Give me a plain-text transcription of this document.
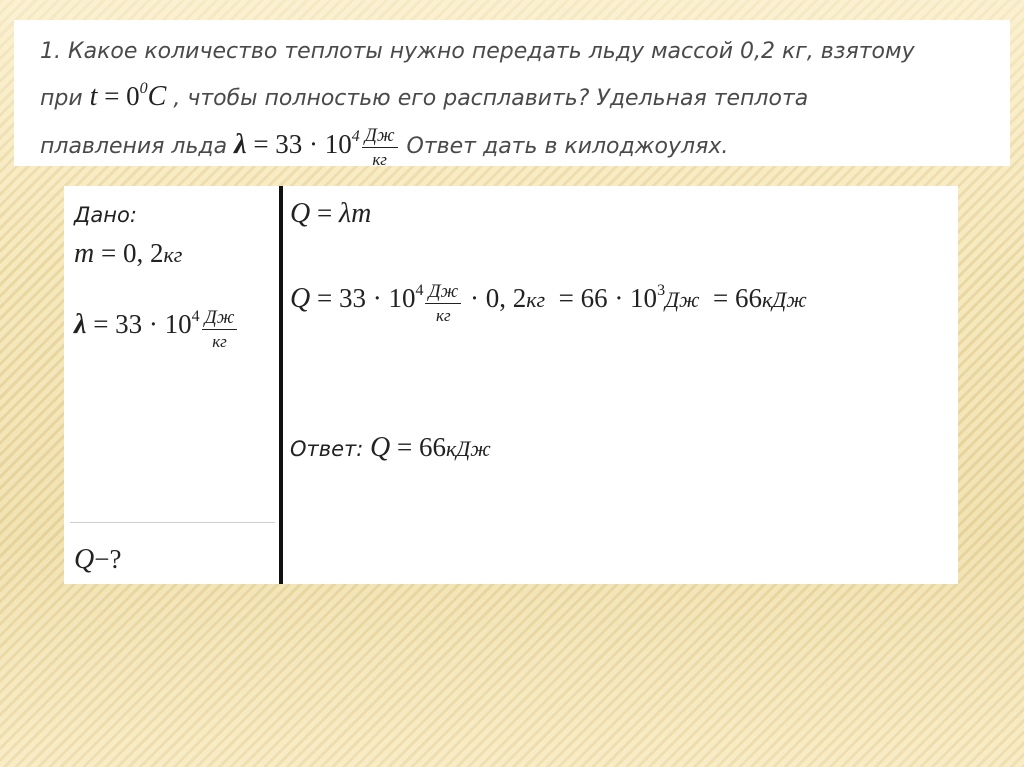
1. Какое количество теплоты нужно передать льду массой 0,2 кг, взятому
при $t = 0^0C$ , чтобы полностью его расплавить? Удельная теплота
плавления льда $\lambda = 33 \cdot 10^4 \frac{Дж}{кг}$ Ответ дать в килоджоулях.
Дано:
m = 0, 2кг
$\lambda = 33 \cdot 10^4 \frac{Дж}{кг}$
Q−?
Q = λm
$Q = 33 \cdot 10^4 \frac{Дж}{кг} \cdot 0$, $2кг = 66 \cdot 10^3Дж = 66кДж$
Ответ: Q = 66кДж
